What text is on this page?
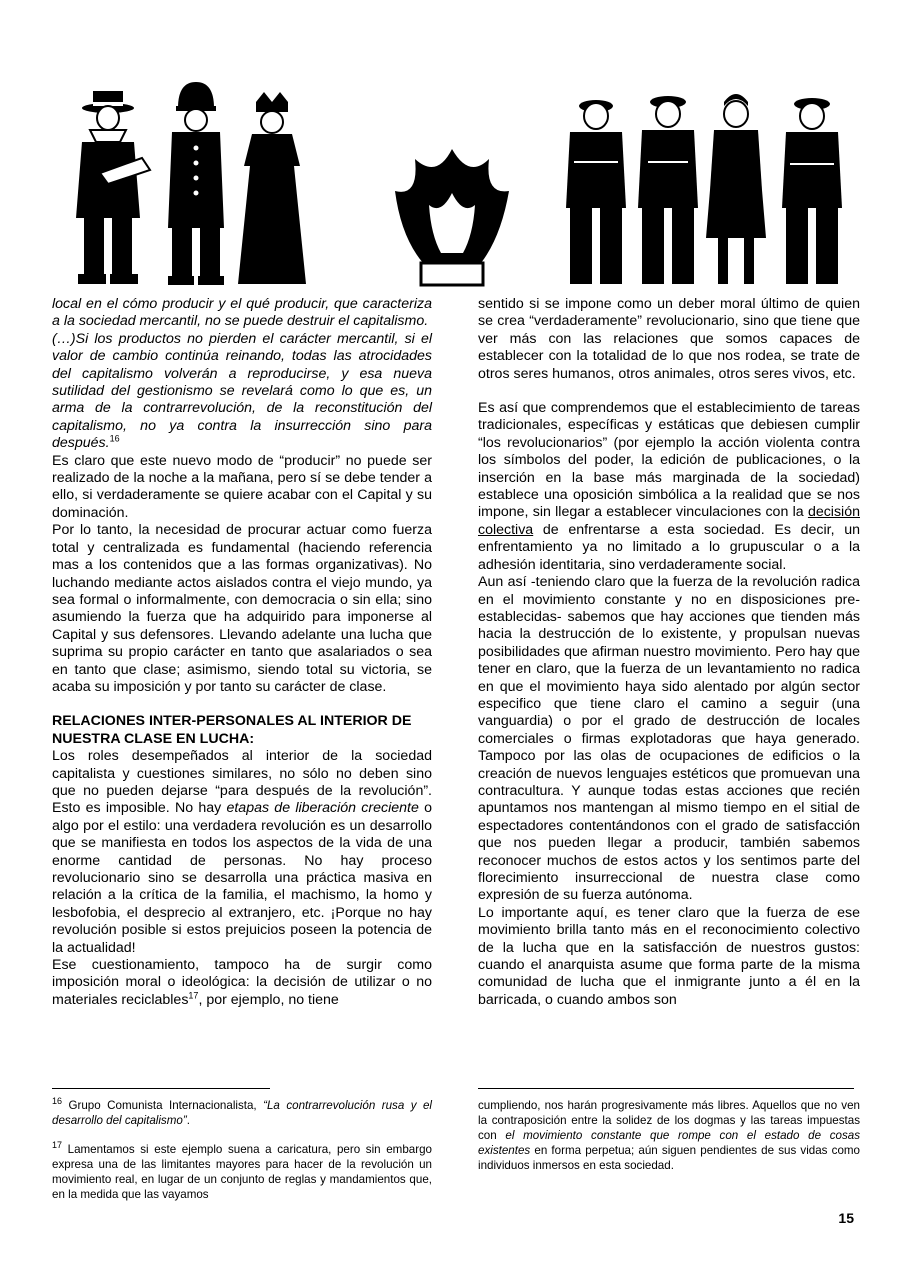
local en el cómo producir y el qué producir, que caracteriza a la sociedad mercantil, no se puede destruir el capitalismo.

(…)Si los productos no pierden el carácter mercantil, si el valor de cambio continúa reinando, todas las atrocidades del capitalismo volverán a reproducirse, y esa nueva sutilidad del gestionismo se revelará como lo que es, un arma de la contrarrevolución, de la reconstitución del capitalismo, no ya contra la insurrección sino para después.$^{16}$

Es claro que este nuevo modo de “producir” no puede ser realizado de la noche a la mañana, pero sí se debe tender a ello, si verdaderamente se quiere acabar con el Capital y su dominación.

Por lo tanto, la necesidad de procurar actuar como fuerza total y centralizada es fundamental (haciendo referencia mas a los contenidos que a las formas organizativas). No luchando mediante actos aislados contra el viejo mundo, ya sea formal o informalmente, con democracia o sin ella; sino asumiendo la fuerza que ha adquirido para imponerse al Capital y sus defensores. Llevando adelante una lucha que suprima su propio carácter en tanto que asalariados o sea en tanto que clase; asimismo, siendo total su victoria, se acaba su imposición y por tanto su carácter de clase.

RELACIONES INTER-PERSONALES AL INTERIOR DE NUESTRA CLASE EN LUCHA:

Los roles desempeñados al interior de la sociedad capitalista y cuestiones similares, no sólo no deben sino que no pueden dejarse “para después de la revolución”. Esto es imposible. No hay etapas de liberación creciente o algo por el estilo: una verdadera revolución es un desarrollo que se manifiesta en todos los aspectos de la vida de una enorme cantidad de personas. No hay proceso revolucionario sino se desarrolla una práctica masiva en relación a la crítica de la familia, el machismo, la homo y lesbofobia, el desprecio al extranjero, etc. ¡Porque no hay revolución posible si estos prejuicios poseen la potencia de la actualidad!

Ese cuestionamiento, tampoco ha de surgir como imposición moral o ideológica: la decisión de utilizar o no materiales reciclables$^{17}$, por ejemplo, no tiene

sentido si se impone como un deber moral último de quien se crea “verdaderamente” revolucionario, sino que tiene que ver más con las relaciones que somos capaces de establecer con la totalidad de lo que nos rodea, se trate de otros seres humanos, otros animales, otros seres vivos, etc.

Es así que comprendemos que el establecimiento de tareas tradicionales, específicas y estáticas que debiesen cumplir “los revolucionarios” (por ejemplo la acción violenta contra los símbolos del poder, la edición de publicaciones, o la inserción en la base más marginada de la sociedad) establece una oposición simbólica a la realidad que se nos impone, sin llegar a establecer vinculaciones con la decisión colectiva de enfrentarse a esta sociedad. Es decir, un enfrentamiento ya no limitado a lo grupuscular o a la adhesión identitaria, sino verdaderamente social.

Aun así -teniendo claro que la fuerza de la revolución radica en el movimiento constante y no en disposiciones pre-establecidas- sabemos que hay acciones que tienden más hacia la destrucción de lo existente, y propulsan nuevas posibilidades que afirman nuestro movimiento. Pero hay que tener en claro, que la fuerza de un levantamiento no radica en que el movimiento haya sido alentado por algún sector especifico que tiene claro el camino a seguir (una vanguardia) o por el grado de destrucción de locales comerciales o firmas explotadoras que haya generado. Tampoco por las olas de ocupaciones de edificios o la creación de nuevos lenguajes estéticos que promuevan una contracultura. Y aunque todas estas acciones que recién apuntamos nos mantengan al mismo tiempo en el sitial de espectadores contentándonos con el grado de satisfacción que nos pueden llegar a producir, también sabemos reconocer muchos de estos actos y los sentimos parte del florecimiento insurreccional de nuestra clase como expresión de su fuerza autónoma.

Lo importante aquí, es tener claro que la fuerza de ese movimiento brilla tanto más en el reconocimiento colectivo de la lucha que en la satisfacción de nuestros gustos: cuando el anarquista asume que forma parte de la misma comunidad de lucha que el inmigrante junto a él en la barricada, o cuando ambos son

$^{16}$ Grupo Comunista Internacionalista, “La contrarrevolución rusa y el desarrollo del capitalismo”.

$^{17}$ Lamentamos si este ejemplo suena a caricatura, pero sin embargo expresa una de las limitantes mayores para hacer de la revolución un movimiento real, en lugar de un conjunto de reglas y mandamientos que, en la medida que las vayamos

cumpliendo, nos harán progresivamente más libres. Aquellos que no ven la contraposición entre la solidez de los dogmas y las tareas impuestas con el movimiento constante que rompe con el estado de cosas existentes en forma perpetua; aún siguen pendientes de sus vidas como individuos inmersos en esta sociedad.

15
